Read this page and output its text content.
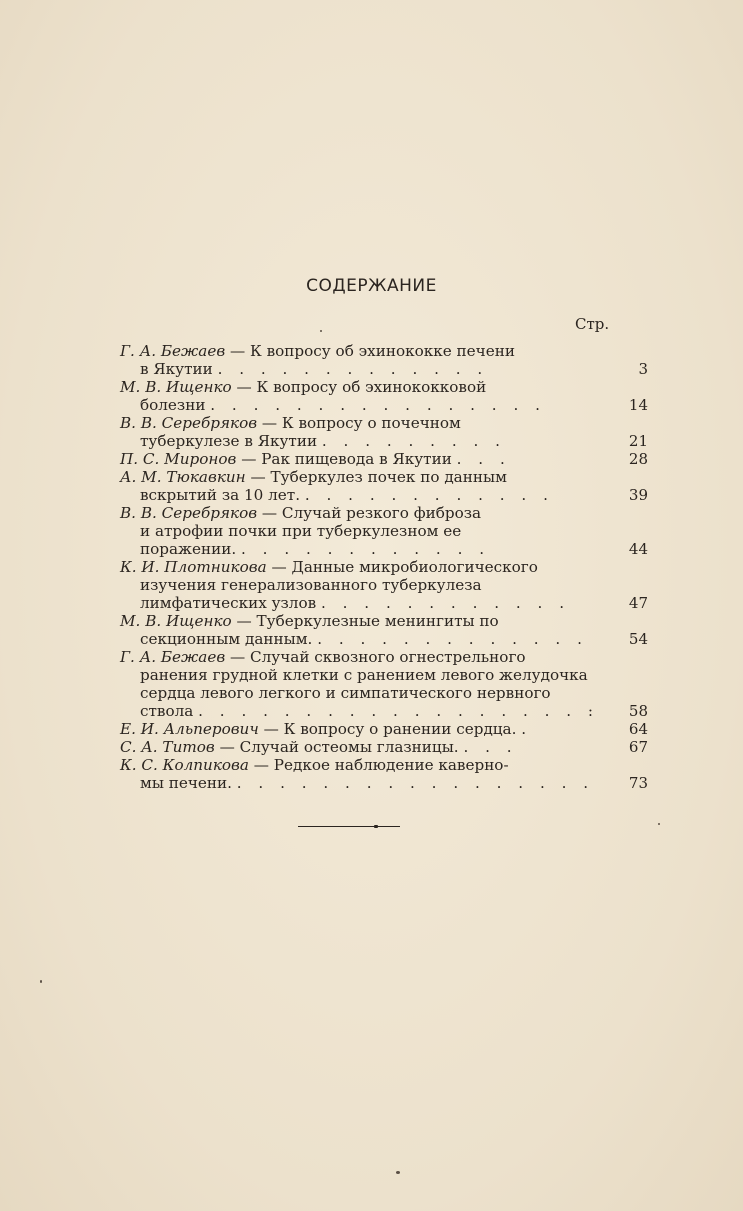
СОДЕРЖАНИЕ
Стр.
Г. А. Бежаев — К вопросу об эхинококке печени
в Якутии . . . . . . . . . . . . .	3
М. В. Ищенко — К вопросу об эхинококковой
болезни . . . . . . . . . . . . . . . .	14
В. В. Серебряков — К вопросу о почечном
туберкулезе в Якутии . . . . . . . . .	21
П. С. Миронов — Рак пищевода в Якутии . . .	28
А. М. Тюкавкин — Туберкулез почек по данным
вскрытий за 10 лет. . . . . . . . . . . . .	39
В. В. Серебряков — Случай резкого фиброза
и атрофии почки при туберкулезном ее
поражении. . . . . . . . . . . . .	44
К. И. Плотникова — Данные микробиологического
изучения генерализованного туберкулеза
лимфатических узлов . . . . . . . . . . . .	47
М. В. Ищенко — Туберкулезные менингиты по
секционным данным. . . . . . . . . . . . . .	54
Г. А. Бежаев — Случай сквозного огнестрельного
ранения грудной клетки с ранением левого желудочка
сердца левого легкого и симпатического нервного
ствола . . . . . . . . . . . . . . . . . . :	58
Е. И. Альперович — К вопросу о ранении сердца. .	64
С. А. Титов — Случай остеомы глазницы. . . .	67
К. С. Колпикова — Редкое наблюдение каверно-
мы печени. . . . . . . . . . . . . . . . . .	73
